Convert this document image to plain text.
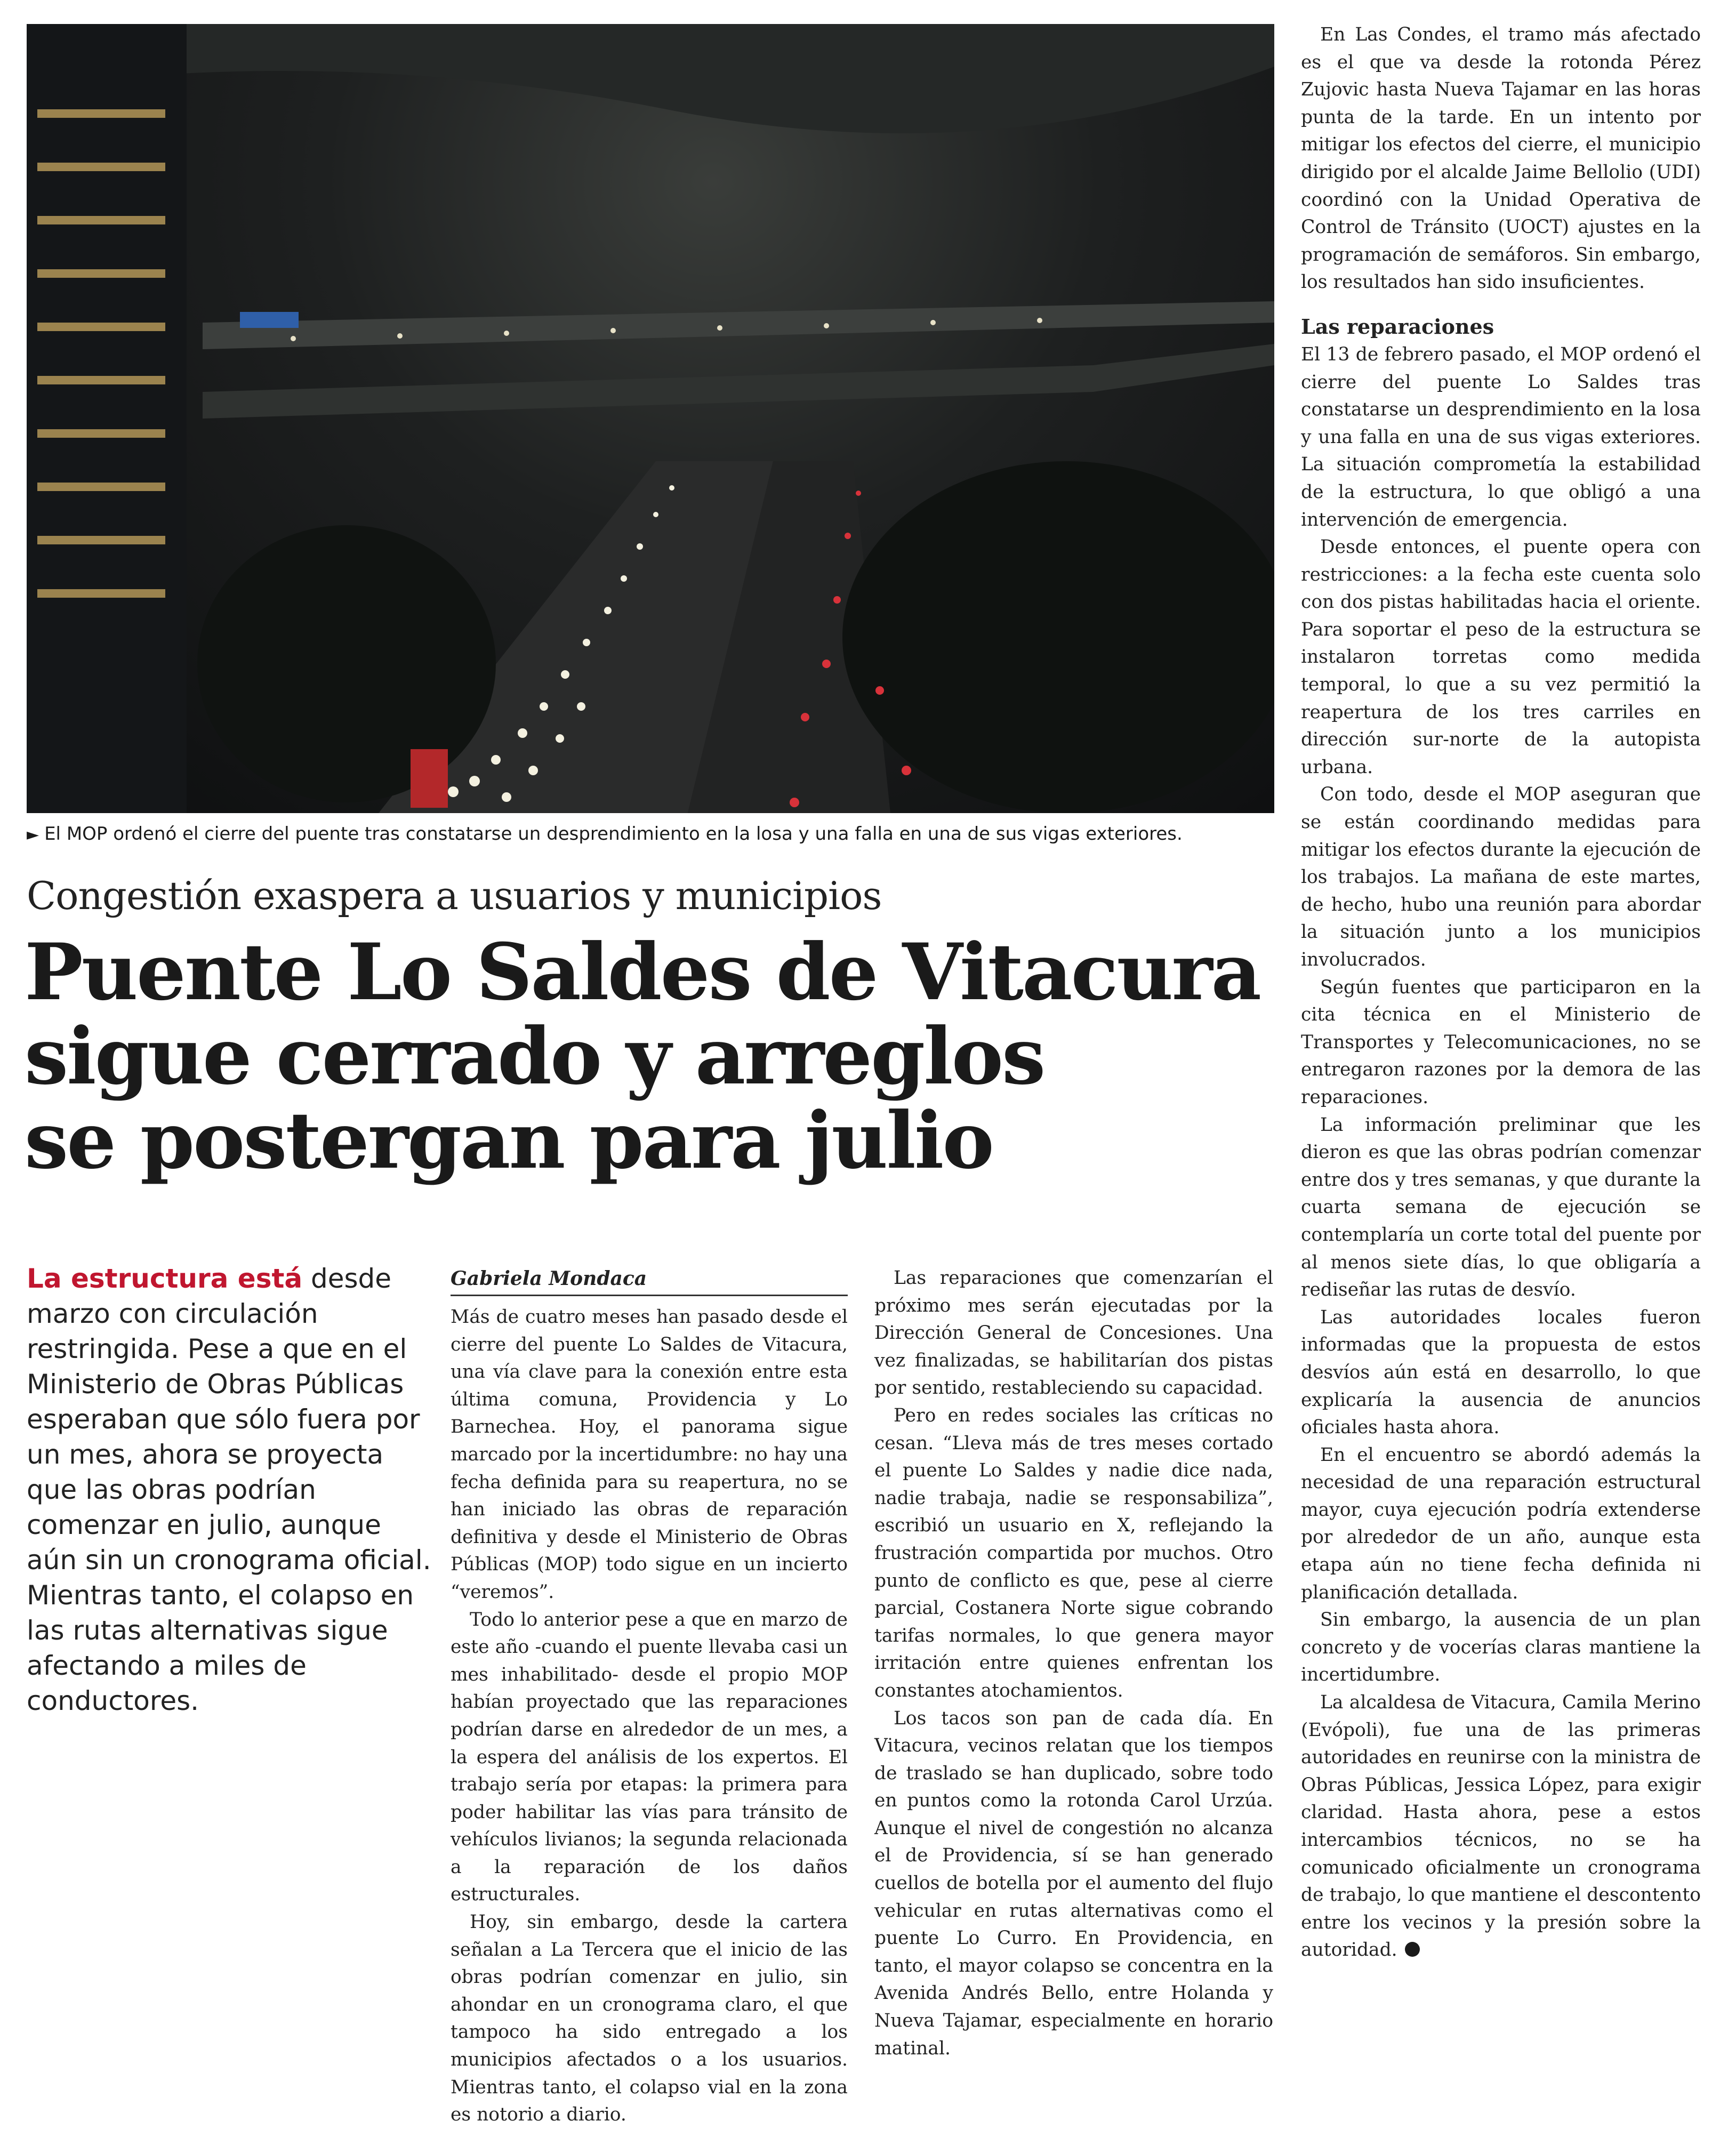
► El MOP ordenó el cierre del puente tras constatarse un desprendimiento en la losa y una falla en una de sus vigas exteriores.
Congestión exaspera a usuarios y municipios
Puente Lo Saldes de Vitacura
sigue cerrado y arreglos
se postergan para julio
La estructura está desde marzo con circulación restringida. Pese a que en el Ministerio de Obras Públicas esperaban que sólo fuera por un mes, ahora se proyecta que las obras podrían comenzar en julio, aunque aún sin un cronograma oficial. Mientras tanto, el colapso en las rutas alternativas sigue afectando a miles de conductores.
Gabriela Mondaca

Más de cuatro meses han pasado desde el cierre del puente Lo Saldes de Vitacura, una vía clave para la conexión entre esta última comuna, Providencia y Lo Barnechea. Hoy, el panorama sigue marcado por la incertidumbre: no hay una fecha definida para su reapertura, no se han iniciado las obras de reparación definitiva y desde el Ministerio de Obras Públicas (MOP) todo sigue en un incierto “veremos”.

Todo lo anterior pese a que en marzo de este año -cuando el puente llevaba casi un mes inhabilitado- desde el propio MOP habían proyectado que las reparaciones podrían darse en alrededor de un mes, a la espera del análisis de los expertos. El trabajo sería por etapas: la primera para poder habilitar las vías para tránsito de vehículos livianos; la segunda relacionada a la reparación de los daños estructurales.

Hoy, sin embargo, desde la cartera señalan a La Tercera que el inicio de las obras podrían comenzar en julio, sin ahondar en un cronograma claro, el que tampoco ha sido entregado a los municipios afectados o a los usuarios. Mientras tanto, el colapso vial en la zona es notorio a diario.

Las reparaciones que comenzarían el próximo mes serán ejecutadas por la Dirección General de Concesiones. Una vez finalizadas, se habilitarían dos pistas por sentido, restableciendo su capacidad.

Pero en redes sociales las críticas no cesan. “Lleva más de tres meses cortado el puente Lo Saldes y nadie dice nada, nadie trabaja, nadie se responsabiliza”, escribió un usuario en X, reflejando la frustración compartida por muchos. Otro punto de conflicto es que, pese al cierre parcial, Costanera Norte sigue cobrando tarifas normales, lo que genera mayor irritación entre quienes enfrentan los constantes atochamientos.

Los tacos son pan de cada día. En Vitacura, vecinos relatan que los tiempos de traslado se han duplicado, sobre todo en puntos como la rotonda Carol Urzúa. Aunque el nivel de congestión no alcanza el de Providencia, sí se han generado cuellos de botella por el aumento del flujo vehicular en rutas alternativas como el puente Lo Curro. En Providencia, en tanto, el mayor colapso se concentra en la Avenida Andrés Bello, entre Holanda y Nueva Tajamar, especialmente en horario matinal.

En Las Condes, el tramo más afectado es el que va desde la rotonda Pérez Zujovic hasta Nueva Tajamar en las horas punta de la tarde. En un intento por mitigar los efectos del cierre, el municipio dirigido por el alcalde Jaime Bellolio (UDI) coordinó con la Unidad Operativa de Control de Tránsito (UOCT) ajustes en la programación de semáforos. Sin embargo, los resultados han sido insuficientes.

Las reparaciones

El 13 de febrero pasado, el MOP ordenó el cierre del puente Lo Saldes tras constatarse un desprendimiento en la losa y una falla en una de sus vigas exteriores. La situación comprometía la estabilidad de la estructura, lo que obligó a una intervención de emergencia.

Desde entonces, el puente opera con restricciones: a la fecha este cuenta solo con dos pistas habilitadas hacia el oriente. Para soportar el peso de la estructura se instalaron torretas como medida temporal, lo que a su vez permitió la reapertura de los tres carriles en dirección sur-norte de la autopista urbana.

Con todo, desde el MOP aseguran que se están coordinando medidas para mitigar los efectos durante la ejecución de los trabajos. La mañana de este martes, de hecho, hubo una reunión para abordar la situación junto a los municipios involucrados.

Según fuentes que participaron en la cita técnica en el Ministerio de Transportes y Telecomunicaciones, no se entregaron razones por la demora de las reparaciones.

La información preliminar que les dieron es que las obras podrían comenzar entre dos y tres semanas, y que durante la cuarta semana de ejecución se contemplaría un corte total del puente por al menos siete días, lo que obligaría a rediseñar las rutas de desvío.

Las autoridades locales fueron informadas que la propuesta de estos desvíos aún está en desarrollo, lo que explicaría la ausencia de anuncios oficiales hasta ahora.

En el encuentro se abordó además la necesidad de una reparación estructural mayor, cuya ejecución podría extenderse por alrededor de un año, aunque esta etapa aún no tiene fecha definida ni planificación detallada.

Sin embargo, la ausencia de un plan concreto y de vocerías claras mantiene la incertidumbre.

La alcaldesa de Vitacura, Camila Merino (Evópoli), fue una de las primeras autoridades en reunirse con la ministra de Obras Públicas, Jessica López, para exigir claridad. Hasta ahora, pese a estos intercambios técnicos, no se ha comunicado oficialmente un cronograma de trabajo, lo que mantiene el descontento entre los vecinos y la presión sobre la autoridad.
